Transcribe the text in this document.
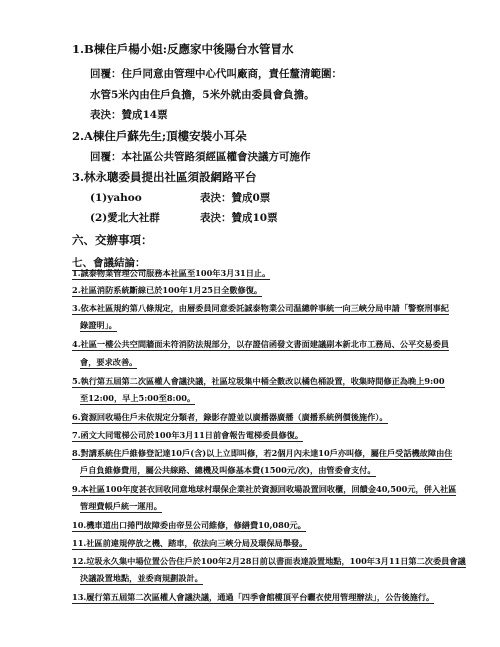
1.B棟住戶楊小姐:反應家中後陽台水管冒水
回覆：住戶同意由管理中心代叫廠商，責任釐清範圍：
水管5米內由住戶負擔，5米外就由委員會負擔。
表決：贊成14票
2.A棟住戶蘇先生;頂樓安裝小耳朵
回覆：本社區公共管路須經區權會決議方可施作
3.林永聰委員提出社區須設網路平台
(1)yahoo	表決：贊成0票
(2)愛北大社群	表決：贊成10票
六、交辦事項：
七、會議結論：
1.誠泰物業管理公司服務本社區至100年3月31日止。
2.社區消防系統斷線已於100年1月25日全數修復。
3.依本社區規約第八條規定，由層委員同意委託誠泰物業公司温總幹事統一向三峽分局申請「警察刑事紀
錄證明」。
4.社區一樓公共空間牆面未符消防法規部分，以存證信函發文書面建議副本新北市工務局、公平交易委員
會，要求改善。
5.執行第五屆第二次區權人會議決議，社區垃圾集中桶全數改以橘色桶設置，收集時間修正為晚上9:00
至12:00，早上5:00至8:00。
6.資源回收場住戶未依規定分類者，錄影存證並以廣播器廣播（廣播系統例價後施作）。
7.函文大同電梯公司於100年3月11日前會報告電梯委員修復。
8.對講系統住戶維修登記達10戶(含)以上立即叫修，若2個月內未達10戶亦叫修，屬住戶受話機故障由住
戶自負維修費用，屬公共線路、總機及叫修基本費(1500元/次)，由管委會支付。
9.本社區100年度甚衣回收同意地球村環保企業社於資源回收場設置回收櫃，回饋金40,500元，併入社區
管理費帳戶統一運用。
10.機車道出口捲門故障委由帝昱公司維修，修繕費10,080元。
11.社區前違規停放之機、踏車，依法向三峽分局及環保局舉發。
12.垃圾永久集中場位置公告住戶於100年2月28日前以書面表達設置地點，100年3月11日第二次委員會議
決議設置地點，並委商規劃設計。
13.履行第五屆第二次區權人會議決議，通過「四季會館樓頂平台曬衣使用管理辦法」，公告後施行。
